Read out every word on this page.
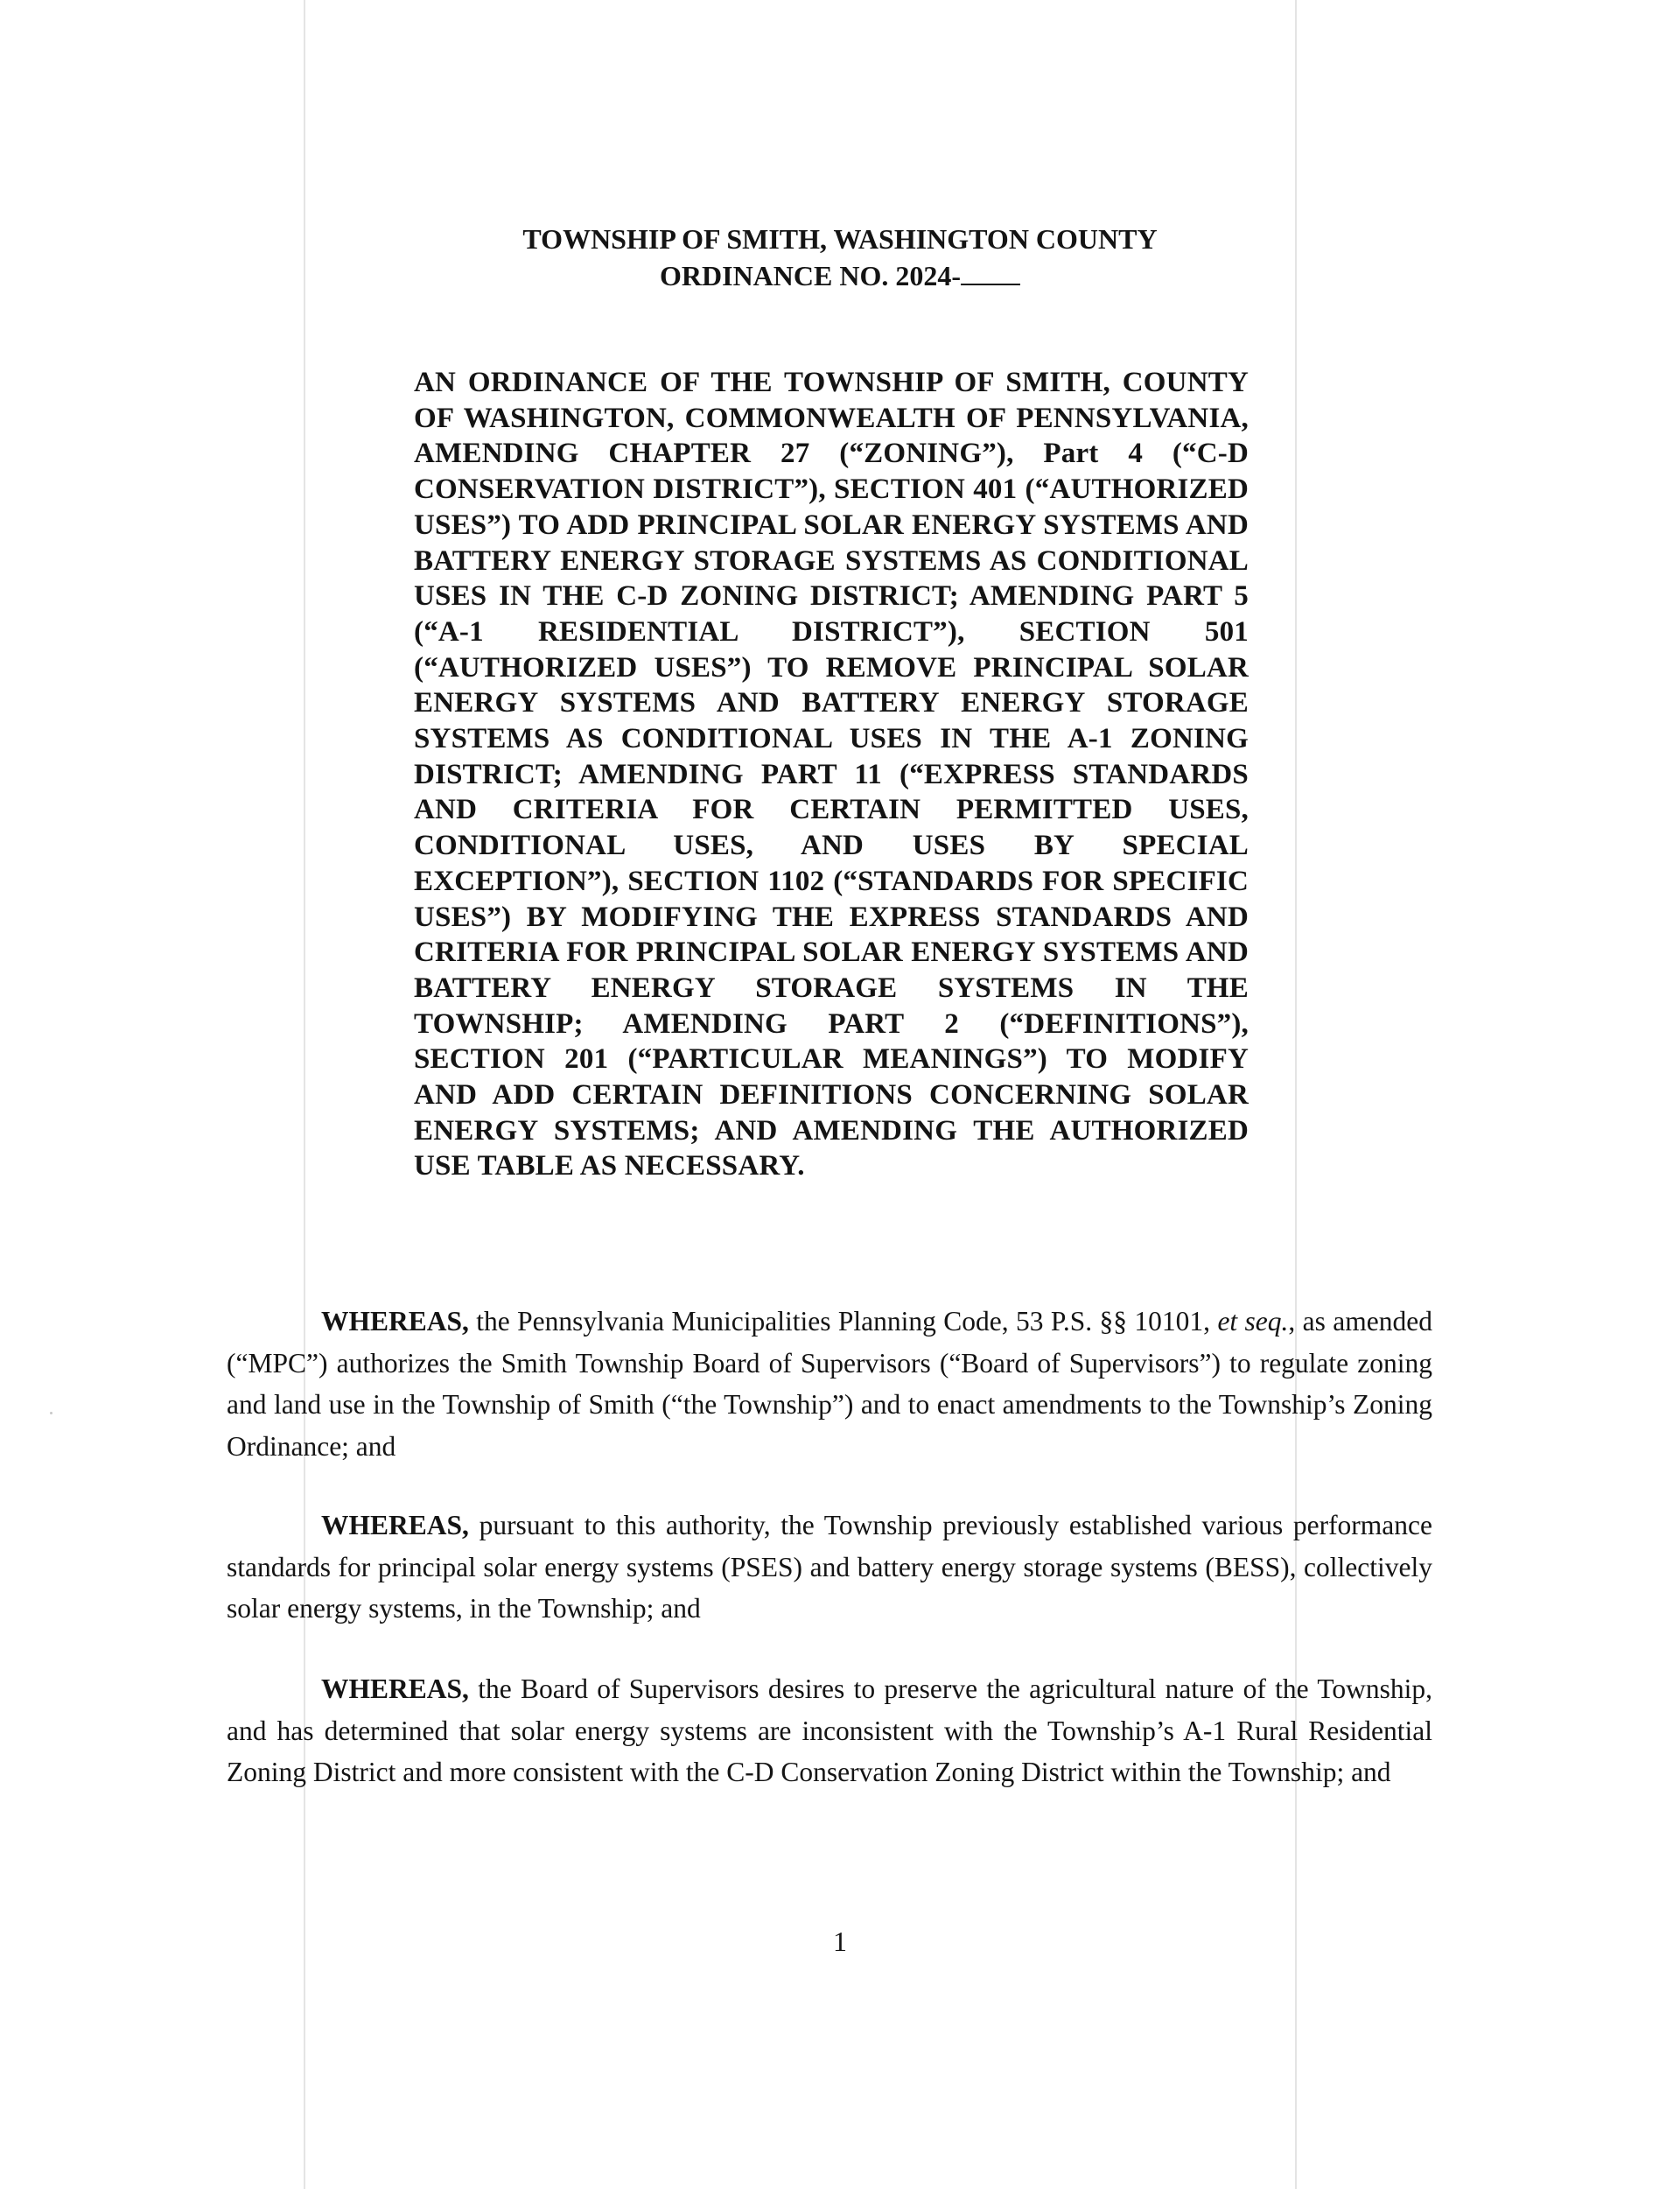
TOWNSHIP OF SMITH, WASHINGTON COUNTY
ORDINANCE NO. 2024-
AN ORDINANCE OF THE TOWNSHIP OF SMITH, COUNTY OF WASHINGTON, COMMONWEALTH OF PENNSYLVANIA, AMENDING CHAPTER 27 (“ZONING”), Part 4 (“C-D CONSERVATION DISTRICT”), SECTION 401 (“AUTHORIZED USES”) TO ADD PRINCIPAL SOLAR ENERGY SYSTEMS AND BATTERY ENERGY STORAGE SYSTEMS AS CONDITIONAL USES IN THE C-D ZONING DISTRICT; AMENDING PART 5 (“A-1 RESIDENTIAL DISTRICT”), SECTION 501 (“AUTHORIZED USES”) TO REMOVE PRINCIPAL SOLAR ENERGY SYSTEMS AND BATTERY ENERGY STORAGE SYSTEMS AS CONDITIONAL USES IN THE A-1 ZONING DISTRICT; AMENDING PART 11 (“EXPRESS STANDARDS AND CRITERIA FOR CERTAIN PERMITTED USES, CONDITIONAL USES, AND USES BY SPECIAL EXCEPTION”), SECTION 1102 (“STANDARDS FOR SPECIFIC USES”) BY MODIFYING THE EXPRESS STANDARDS AND CRITERIA FOR PRINCIPAL SOLAR ENERGY SYSTEMS AND BATTERY ENERGY STORAGE SYSTEMS IN THE TOWNSHIP; AMENDING PART 2 (“DEFINITIONS”), SECTION 201 (“PARTICULAR MEANINGS”) TO MODIFY AND ADD CERTAIN DEFINITIONS CONCERNING SOLAR ENERGY SYSTEMS; AND AMENDING THE AUTHORIZED USE TABLE AS NECESSARY.
WHEREAS, the Pennsylvania Municipalities Planning Code, 53 P.S. §§ 10101, et seq., as amended (“MPC”) authorizes the Smith Township Board of Supervisors (“Board of Supervisors”) to regulate zoning and land use in the Township of Smith (“the Township”) and to enact amendments to the Township’s Zoning Ordinance; and
WHEREAS, pursuant to this authority, the Township previously established various performance standards for principal solar energy systems (PSES) and battery energy storage systems (BESS), collectively solar energy systems, in the Township; and
WHEREAS, the Board of Supervisors desires to preserve the agricultural nature of the Township, and has determined that solar energy systems are inconsistent with the Township’s A-1 Rural Residential Zoning District and more consistent with the C-D Conservation Zoning District within the Township; and
1
